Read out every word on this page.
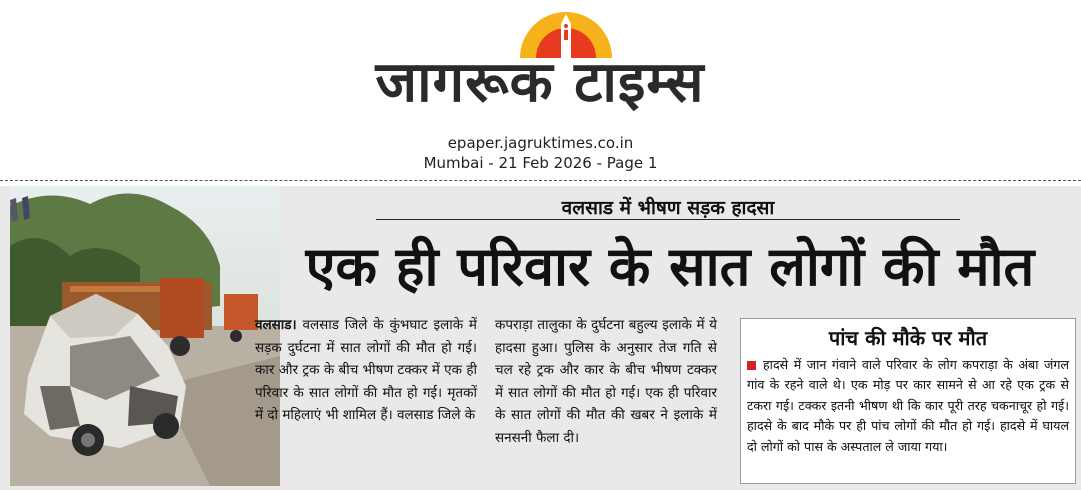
जागरूक टाइम्स
epaper.jagruktimes.co.in
Mumbai - 21 Feb 2026 - Page 1
वलसाड में भीषण सड़क हादसा
एक ही परिवार के सात लोगों की मौत

वलसाड। वलसाड जिले के कुंभघाट इलाके में सड़क दुर्घटना में सात लोगों की मौत हो गई। कार और ट्रक के बीच भीषण टक्कर में एक ही परिवार के सात लोगों की मौत हो गई। मृतकों में दो महिलाएं भी शामिल हैं। वलसाड जिले के

कपराड़ा तालुका के दुर्घटना बहुल्य इलाके में ये हादसा हुआ। पुलिस के अनुसार तेज गति से चल रहे ट्रक और कार के बीच भीषण टक्कर में सात लोगों की मौत हो गई। एक ही परिवार के सात लोगों की मौत की खबर ने इलाके में सनसनी फैला दी।

पांच की मौके पर मौत

हादसे में जान गंवाने वाले परिवार के लोग कपराड़ा के अंबा जंगल गांव के रहने वाले थे। एक मोड़ पर कार सामने से आ रहे एक ट्रक से टकरा गई। टक्कर इतनी भीषण थी कि कार पूरी तरह चकनाचूर हो गई। हादसे के बाद मौके पर ही पांच लोगों की मौत हो गई। हादसे में घायल दो लोगों को पास के अस्पताल ले जाया गया।
